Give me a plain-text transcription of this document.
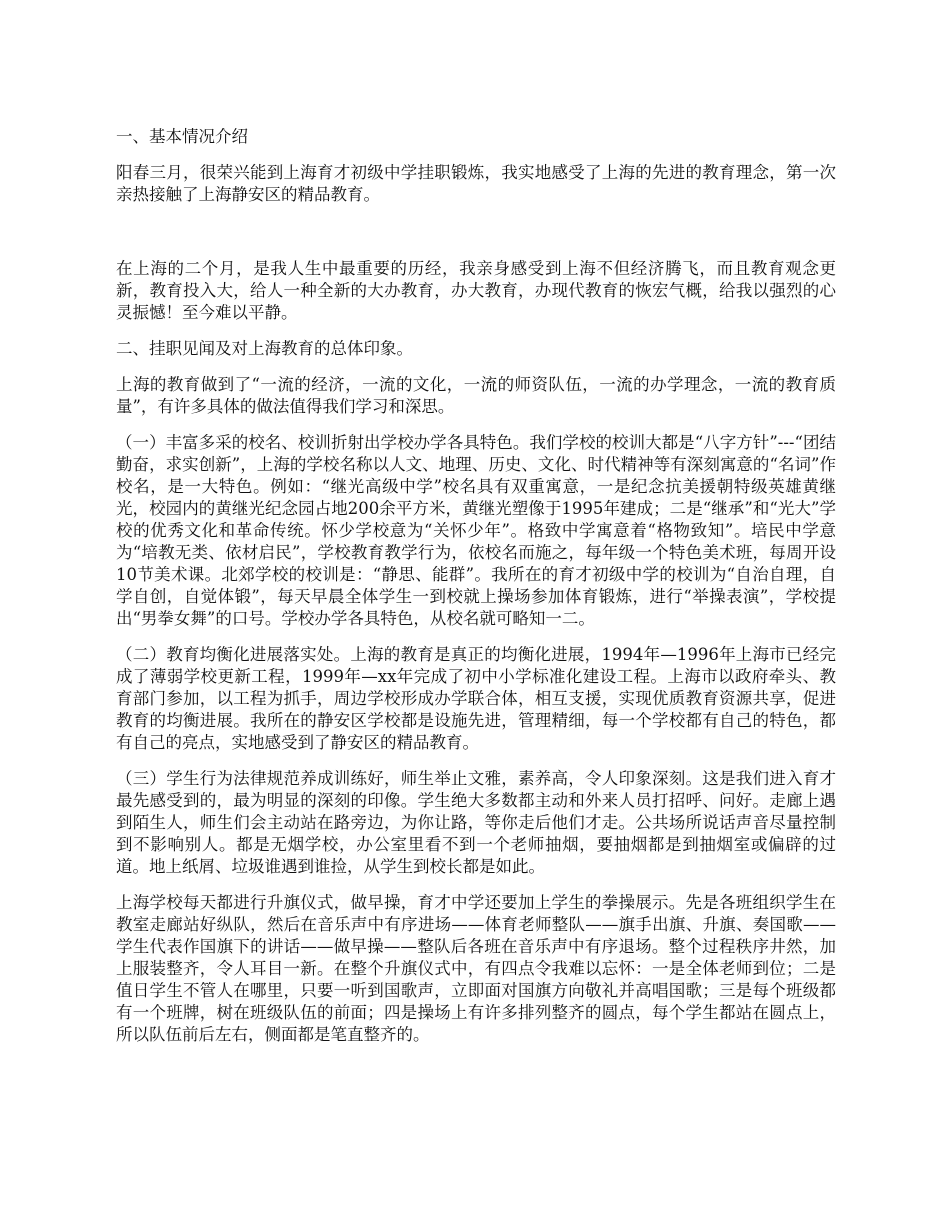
一、基本情况介绍

阳春三月，很荣兴能到上海育才初级中学挂职锻炼，我实地感受了上海的先进的教育理念，第一次亲热接触了上海静安区的精品教育。

在上海的二个月，是我人生中最重要的历经，我亲身感受到上海不但经济腾飞，而且教育观念更新，教育投入大，给人一种全新的大办教育，办大教育，办现代教育的恢宏气概，给我以强烈的心灵振憾！至今难以平静。

二、挂职见闻及对上海教育的总体印象。

上海的教育做到了“一流的经济，一流的文化，一流的师资队伍，一流的办学理念，一流的教育质量”，有许多具体的做法值得我们学习和深思。

（一）丰富多采的校名、校训折射出学校办学各具特色。我们学校的校训大都是“八字方针”---“团结勤奋，求实创新”，上海的学校名称以人文、地理、历史、文化、时代精神等有深刻寓意的“名词”作校名，是一大特色。例如：“继光高级中学”校名具有双重寓意，一是纪念抗美援朝特级英雄黄继光，校园内的黄继光纪念园占地200余平方米，黄继光塑像于1995年建成；二是“继承”和“光大”学校的优秀文化和革命传统。怀少学校意为“关怀少年”。格致中学寓意着“格物致知”。培民中学意为“培教无类、依材启民”，学校教育教学行为，依校名而施之，每年级一个特色美术班，每周开设10节美术课。北郊学校的校训是：“静思、能群”。我所在的育才初级中学的校训为“自治自理，自学自创，自觉体锻”，每天早晨全体学生一到校就上操场参加体育锻炼，进行“举操表演”，学校提出“男拳女舞”的口号。学校办学各具特色，从校名就可略知一二。

（二）教育均衡化进展落实处。上海的教育是真正的均衡化进展，1994年—1996年上海市已经完成了薄弱学校更新工程，1999年—xx年完成了初中小学标准化建设工程。上海市以政府牵头、教育部门参加，以工程为抓手，周边学校形成办学联合体，相互支援，实现优质教育资源共享，促进教育的均衡进展。我所在的静安区学校都是设施先进，管理精细，每一个学校都有自己的特色，都有自己的亮点，实地感受到了静安区的精品教育。

（三）学生行为法律规范养成训练好，师生举止文雅，素养高，令人印象深刻。这是我们进入育才最先感受到的，最为明显的深刻的印像。学生绝大多数都主动和外来人员打招呼、问好。走廊上遇到陌生人，师生们会主动站在路旁边，为你让路，等你走后他们才走。公共场所说话声音尽量控制到不影响别人。都是无烟学校，办公室里看不到一个老师抽烟，要抽烟都是到抽烟室或偏辟的过道。地上纸屑、垃圾谁遇到谁捡，从学生到校长都是如此。

上海学校每天都进行升旗仪式，做早操，育才中学还要加上学生的拳操展示。先是各班组织学生在教室走廊站好纵队，然后在音乐声中有序进场——体育老师整队——旗手出旗、升旗、奏国歌——学生代表作国旗下的讲话——做早操——整队后各班在音乐声中有序退场。整个过程秩序井然，加上服装整齐，令人耳目一新。在整个升旗仪式中，有四点令我难以忘怀：一是全体老师到位；二是值日学生不管人在哪里，只要一听到国歌声，立即面对国旗方向敬礼并高唱国歌；三是每个班级都有一个班牌，树在班级队伍的前面；四是操场上有许多排列整齐的圆点，每个学生都站在圆点上，所以队伍前后左右，侧面都是笔直整齐的。
